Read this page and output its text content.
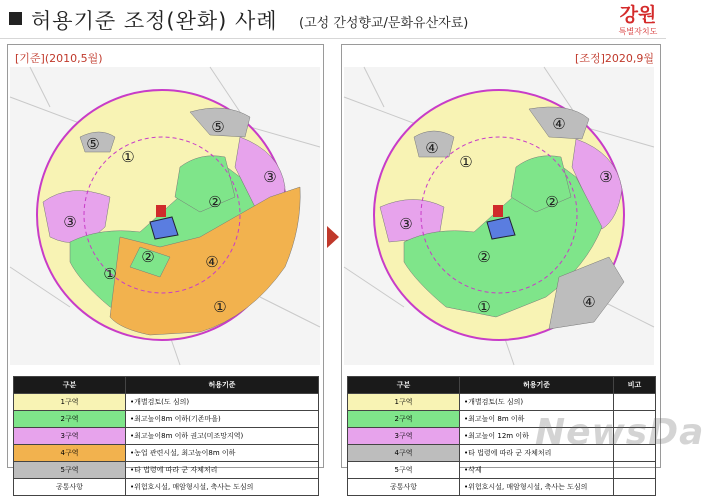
허용기준 조정(완화) 사례 (고성 간성향교/문화유산자료)	강원
특별자치도
[기준](2010,5월)
①
②
③
④
⑤
③
②
①
①
⑤
구분	허용기준
1구역	•개별검토(도 심의)
2구역	•최고높이8m 이하(기존마을)
3구역	•최고높이8m 이하 권고(미조망지역)
4구역	•농업 관련시설, 최고높이8m 이하
5구역	•타 법령에 따라 군 자체처리
공통사항	•위험호시설, 매암형시설, 축사는 도심의
[조정]2020,9월
①
②
③
④
④
③
②
④
①
구분	허용기준	비고
1구역	•개별검토(도 심의)	
2구역	•최고높이 8m 이하	
3구역	•최고높이 12m 이하	
4구역	•타 법령에 따라 군 자체처리	
5구역	•삭제	
공통사항	•위험호시설, 매암형시설, 축사는 도심의	
NewsDa
